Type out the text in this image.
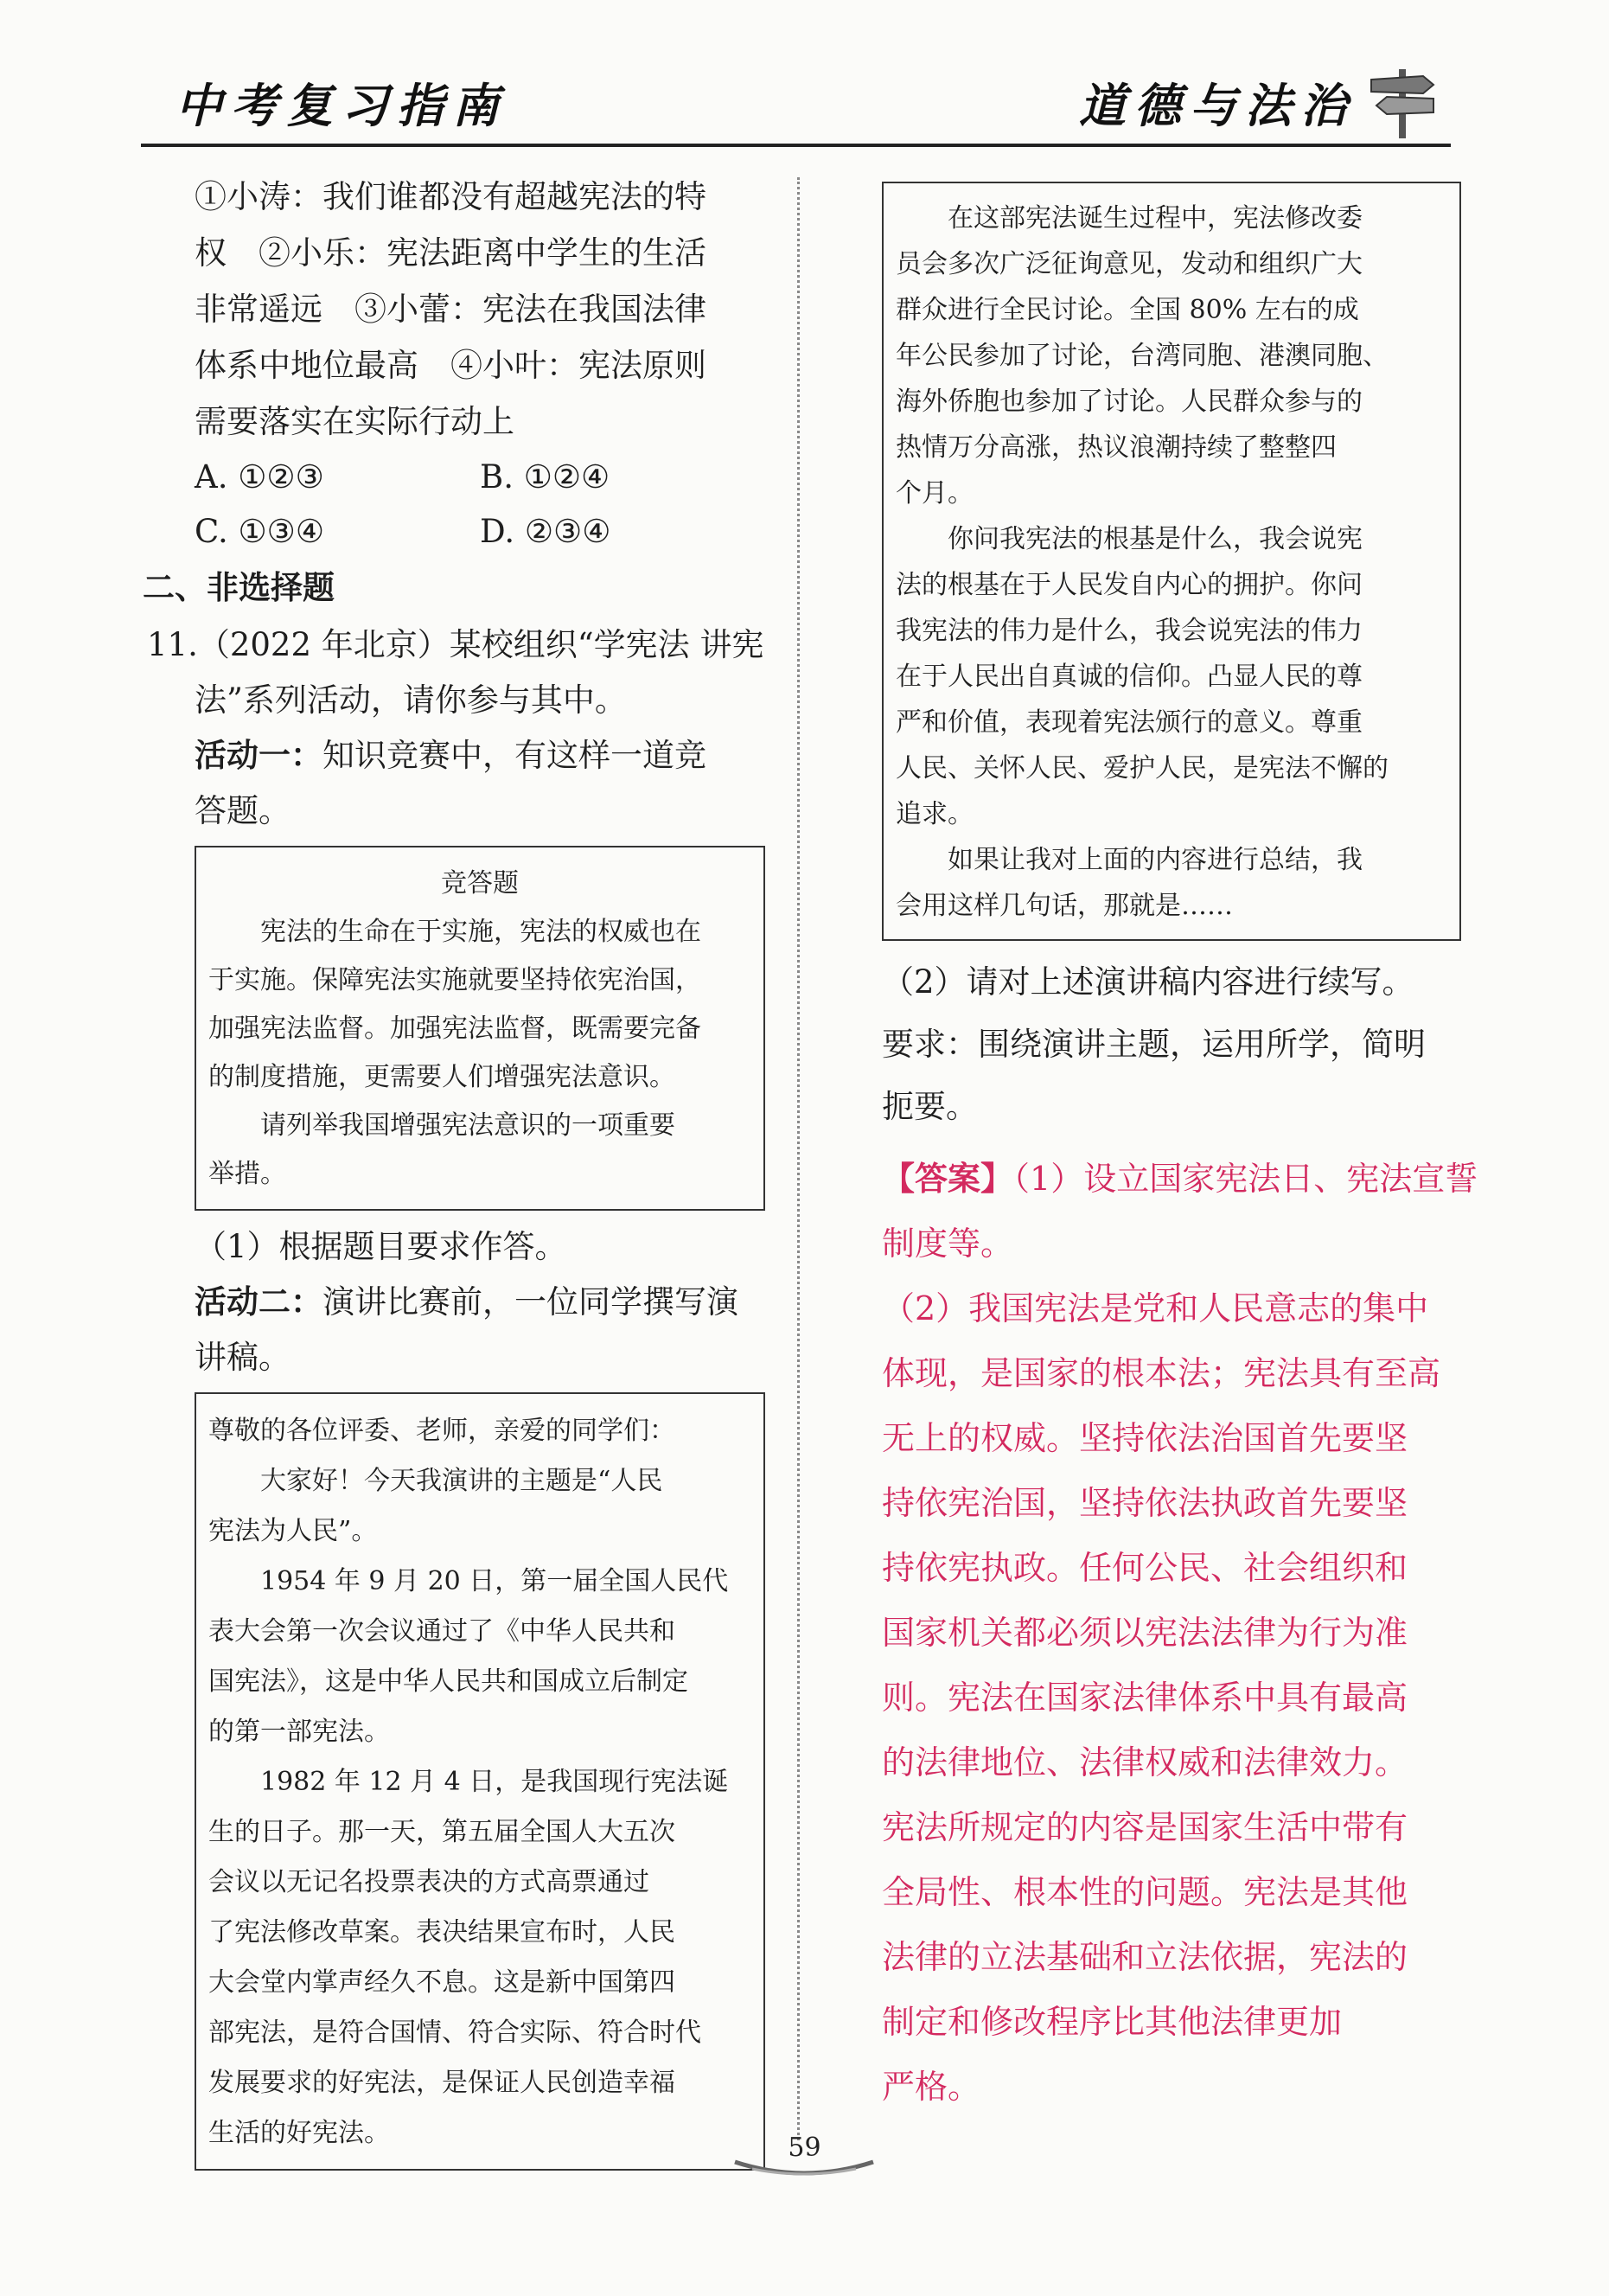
中考复习指南	道德与法治
①小涛：我们谁都没有超越宪法的特
权　②小乐：宪法距离中学生的生活
非常遥远　③小蕾：宪法在我国法律
体系中地位最高　④小叶：宪法原则
需要落实在实际行动上
A. ①②③	B. ①②④
C. ①③④	D. ②③④
二、非选择题
11.（2022 年北京）某校组织“学宪法 讲宪
法”系列活动，请你参与其中。
活动一：知识竞赛中，有这样一道竞
答题。
竞答题
宪法的生命在于实施，宪法的权威也在
于实施。保障宪法实施就要坚持依宪治国，
加强宪法监督。加强宪法监督，既需要完备
的制度措施，更需要人们增强宪法意识。
请列举我国增强宪法意识的一项重要
举措。
（1）根据题目要求作答。
活动二：演讲比赛前，一位同学撰写演
讲稿。
尊敬的各位评委、老师，亲爱的同学们：
大家好！今天我演讲的主题是“人民
宪法为人民”。
1954 年 9 月 20 日，第一届全国人民代
表大会第一次会议通过了《中华人民共和
国宪法》，这是中华人民共和国成立后制定
的第一部宪法。
1982 年 12 月 4 日，是我国现行宪法诞
生的日子。那一天，第五届全国人大五次
会议以无记名投票表决的方式高票通过
了宪法修改草案。表决结果宣布时，人民
大会堂内掌声经久不息。这是新中国第四
部宪法，是符合国情、符合实际、符合时代
发展要求的好宪法，是保证人民创造幸福
生活的好宪法。
在这部宪法诞生过程中，宪法修改委
员会多次广泛征询意见，发动和组织广大
群众进行全民讨论。全国 80% 左右的成
年公民参加了讨论，台湾同胞、港澳同胞、
海外侨胞也参加了讨论。人民群众参与的
热情万分高涨，热议浪潮持续了整整四
个月。
你问我宪法的根基是什么，我会说宪
法的根基在于人民发自内心的拥护。你问
我宪法的伟力是什么，我会说宪法的伟力
在于人民出自真诚的信仰。凸显人民的尊
严和价值，表现着宪法颁行的意义。尊重
人民、关怀人民、爱护人民，是宪法不懈的
追求。
如果让我对上面的内容进行总结，我
会用这样几句话，那就是……
（2）请对上述演讲稿内容进行续写。
要求：围绕演讲主题，运用所学，简明
扼要。
【答案】（1）设立国家宪法日、宪法宣誓
制度等。
（2）我国宪法是党和人民意志的集中
体现，是国家的根本法；宪法具有至高
无上的权威。坚持依法治国首先要坚
持依宪治国，坚持依法执政首先要坚
持依宪执政。任何公民、社会组织和
国家机关都必须以宪法法律为行为准
则。宪法在国家法律体系中具有最高
的法律地位、法律权威和法律效力。
宪法所规定的内容是国家生活中带有
全局性、根本性的问题。宪法是其他
法律的立法基础和立法依据，宪法的
制定和修改程序比其他法律更加
严格。
59
